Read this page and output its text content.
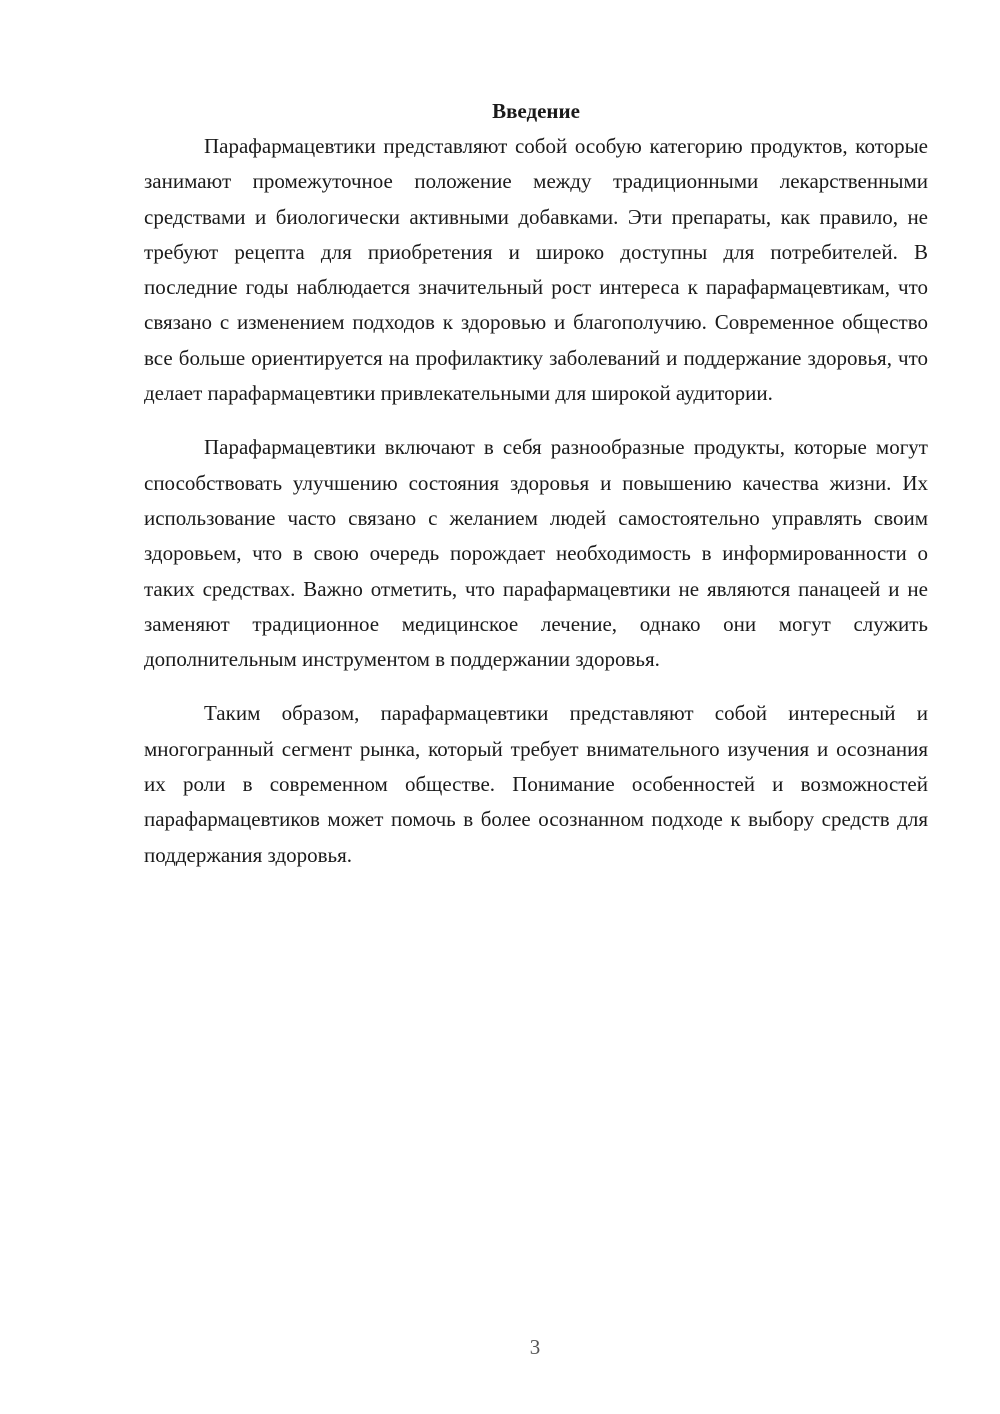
Введение

Парафармацевтики представляют собой особую категорию продуктов, которые занимают промежуточное положение между традиционными лекарственными средствами и биологически активными добавками. Эти препараты, как правило, не требуют рецепта для приобретения и широко доступны для потребителей. В последние годы наблюдается значительный рост интереса к парафармацевтикам, что связано с изменением подходов к здоровью и благополучию. Современное общество все больше ориентируется на профилактику заболеваний и поддержание здоровья, что делает парафармацевтики привлекательными для широкой аудитории.

Парафармацевтики включают в себя разнообразные продукты, которые могут способствовать улучшению состояния здоровья и повышению качества жизни. Их использование часто связано с желанием людей самостоятельно управлять своим здоровьем, что в свою очередь порождает необходимость в информированности о таких средствах. Важно отметить, что парафармацевтики не являются панацеей и не заменяют традиционное медицинское лечение, однако они могут служить дополнительным инструментом в поддержании здоровья.

Таким образом, парафармацевтики представляют собой интересный и многогранный сегмент рынка, который требует внимательного изучения и осознания их роли в современном обществе. Понимание особенностей и возможностей парафармацевтиков может помочь в более осознанном подходе к выбору средств для поддержания здоровья.

3
